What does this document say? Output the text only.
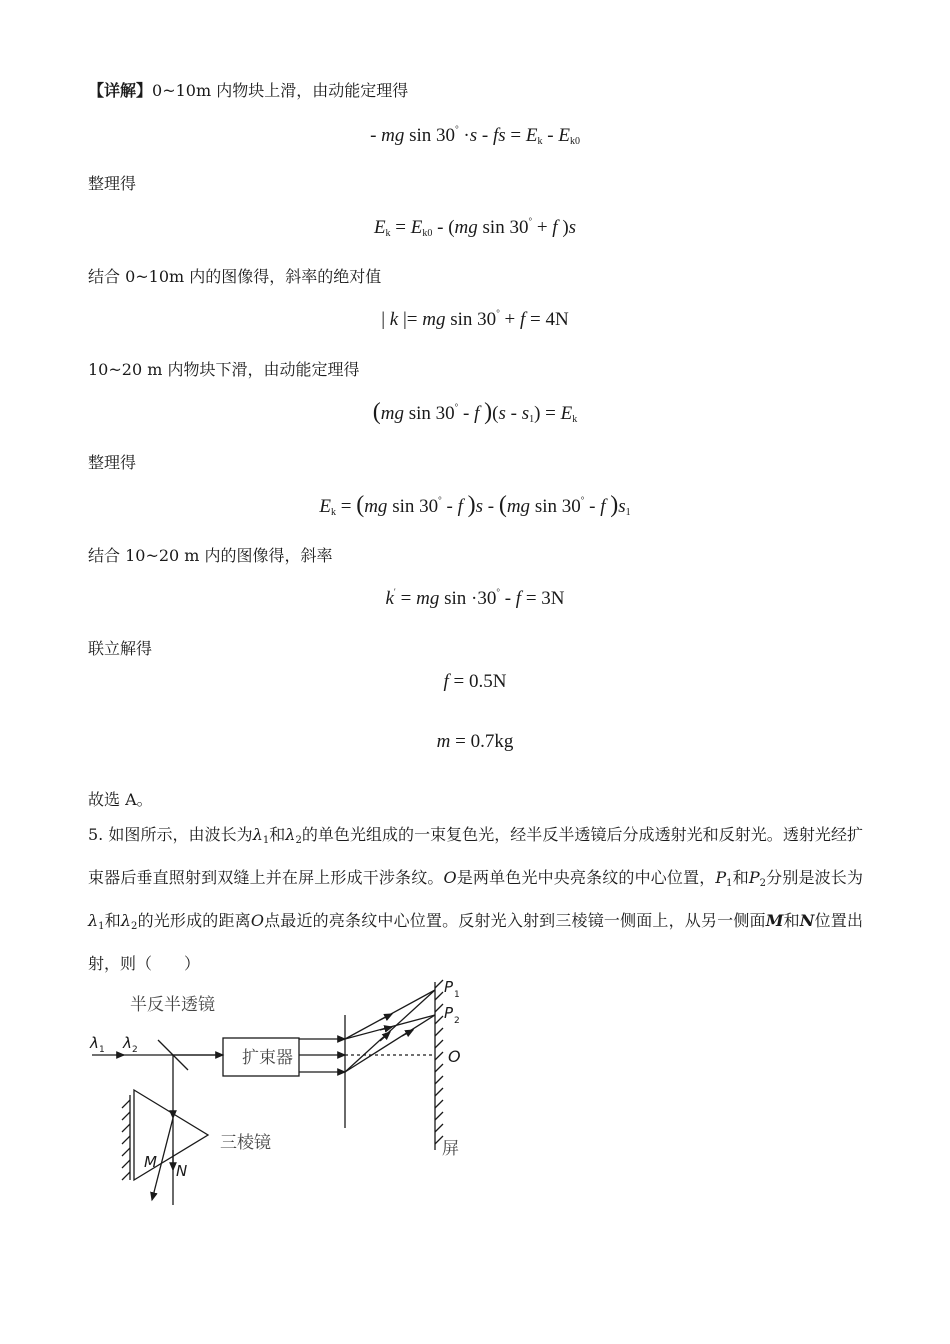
【详解】0~10m 内物块上滑，由动能定理得
- mg sin 30° ·s - fs = $E_k - E_{k0}$
整理得
$E_k = E_{k0} - (mg$ sin 30° + f )s
结合 0~10m 内的图像得，斜率的绝对值
| k |= mg sin 30° + f = 4N
10~20 m 内物块下滑，由动能定理得
(mg sin 30° - f )$(s - s_1) = E_k$
整理得
$E_k = (mg$ sin 30° - f )s - (mg sin 30° - f )$s_1$
结合 10~20 m 内的图像得，斜率
k′ = mg sin ·30° - f = 3N
联立解得
f = 0.5N
m = 0.7kg
故选 A。
5. 如图所示，由波长为$\lambda_1$和$\lambda_2$的单色光组成的一束复色光，经半反半透镜后分成透射光和反射光。透射光经扩束器后垂直照射到双缝上并在屏上形成干涉条纹。O是两单色光中央亮条纹的中心位置，$P_1$和$P_2$分别是波长为$\lambda_1$和$\lambda_2$的光形成的距离O点最近的亮条纹中心位置。反射光入射到三棱镜一侧面上，从另一侧面M和N位置出射，则（　　）
半反半透镜
扩束器
三棱镜	屏
O
M N
P 1
P 2
λ 1 λ 2
